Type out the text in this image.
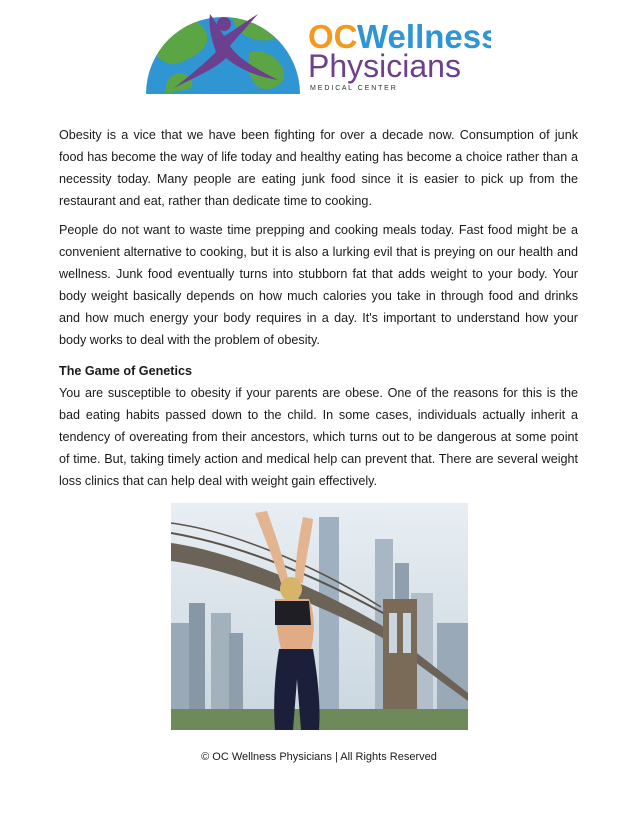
OC Wellness
Physicians
M E D I C A L   C E N T E R

Obesity is a vice that we have been fighting for over a decade now. Consumption of junk food has become the way of life today and healthy eating has become a choice rather than a necessity today. Many people are eating junk food since it is easier to pick up from the restaurant and eat, rather than dedicate time to cooking.

People do not want to waste time prepping and cooking meals today. Fast food might be a convenient alternative to cooking, but it is also a lurking evil that is preying on our health and wellness. Junk food eventually turns into stubborn fat that adds weight to your body. Your body weight basically depends on how much calories you take in through food and drinks and how much energy your body requires in a day. It's important to understand how your body works to deal with the problem of obesity.

The Game of Genetics

You are susceptible to obesity if your parents are obese. One of the reasons for this is the bad eating habits passed down to the child. In some cases, individuals actually inherit a tendency of overeating from their ancestors, which turns out to be dangerous at some point of time. But, taking timely action and medical help can prevent that. There are several weight loss clinics that can help deal with weight gain effectively.

© OC Wellness Physicians | All Rights Reserved
